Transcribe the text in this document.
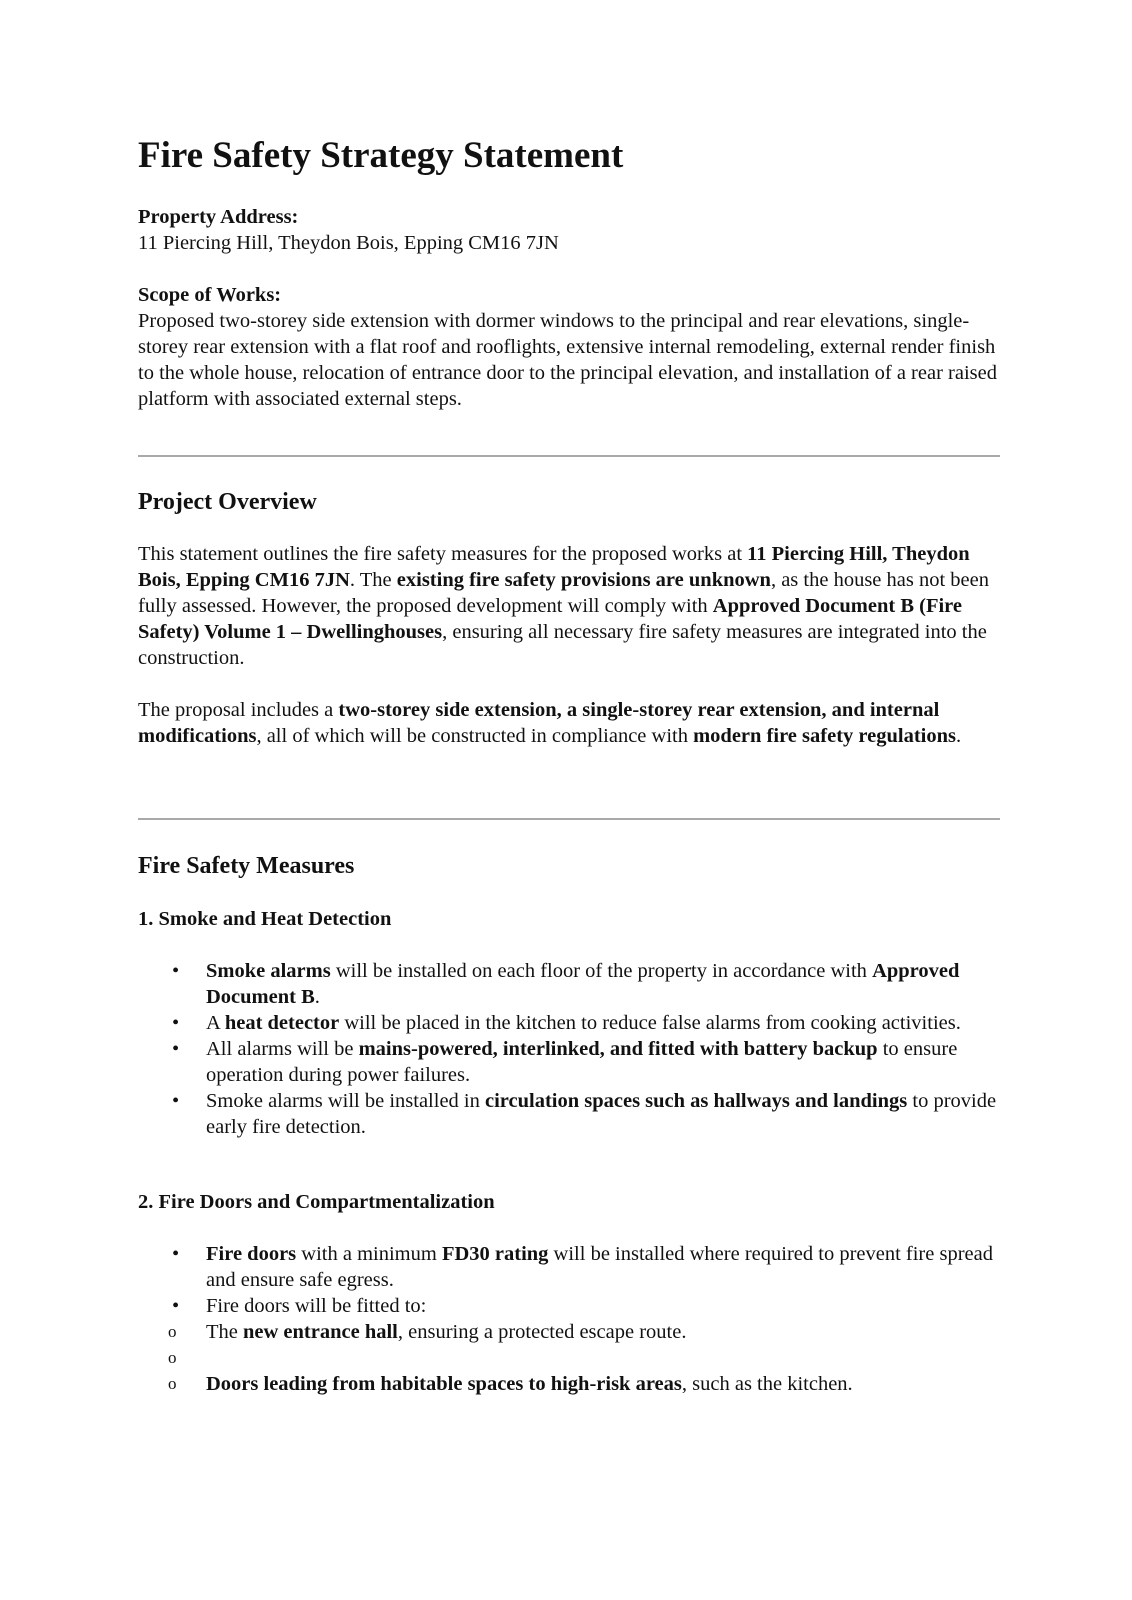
Fire Safety Strategy Statement
Property Address:
11 Piercing Hill, Theydon Bois, Epping CM16 7JN
Scope of Works:
Proposed two-storey side extension with dormer windows to the principal and rear elevations, single-storey rear extension with a flat roof and rooflights, extensive internal remodeling, external render finish to the whole house, relocation of entrance door to the principal elevation, and installation of a rear raised platform with associated external steps.
Project Overview

This statement outlines the fire safety measures for the proposed works at 11 Piercing Hill, Theydon Bois, Epping CM16 7JN. The existing fire safety provisions are unknown, as the house has not been fully assessed. However, the proposed development will comply with Approved Document B (Fire Safety) Volume 1 – Dwellinghouses, ensuring all necessary fire safety measures are integrated into the construction.

The proposal includes a two-storey side extension, a single-storey rear extension, and internal modifications, all of which will be constructed in compliance with modern fire safety regulations.

Fire Safety Measures
1. Smoke and Heat Detection
• Smoke alarms will be installed on each floor of the property in accordance with Approved Document B.
• A heat detector will be placed in the kitchen to reduce false alarms from cooking activities.
• All alarms will be mains-powered, interlinked, and fitted with battery backup to ensure operation during power failures.
• Smoke alarms will be installed in circulation spaces such as hallways and landings to provide early fire detection.
2. Fire Doors and Compartmentalization
• Fire doors with a minimum FD30 rating will be installed where required to prevent fire spread and ensure safe egress.
• Fire doors will be fitted to:
o The new entrance hall, ensuring a protected escape route.
o
o Doors leading from habitable spaces to high-risk areas, such as the kitchen.
